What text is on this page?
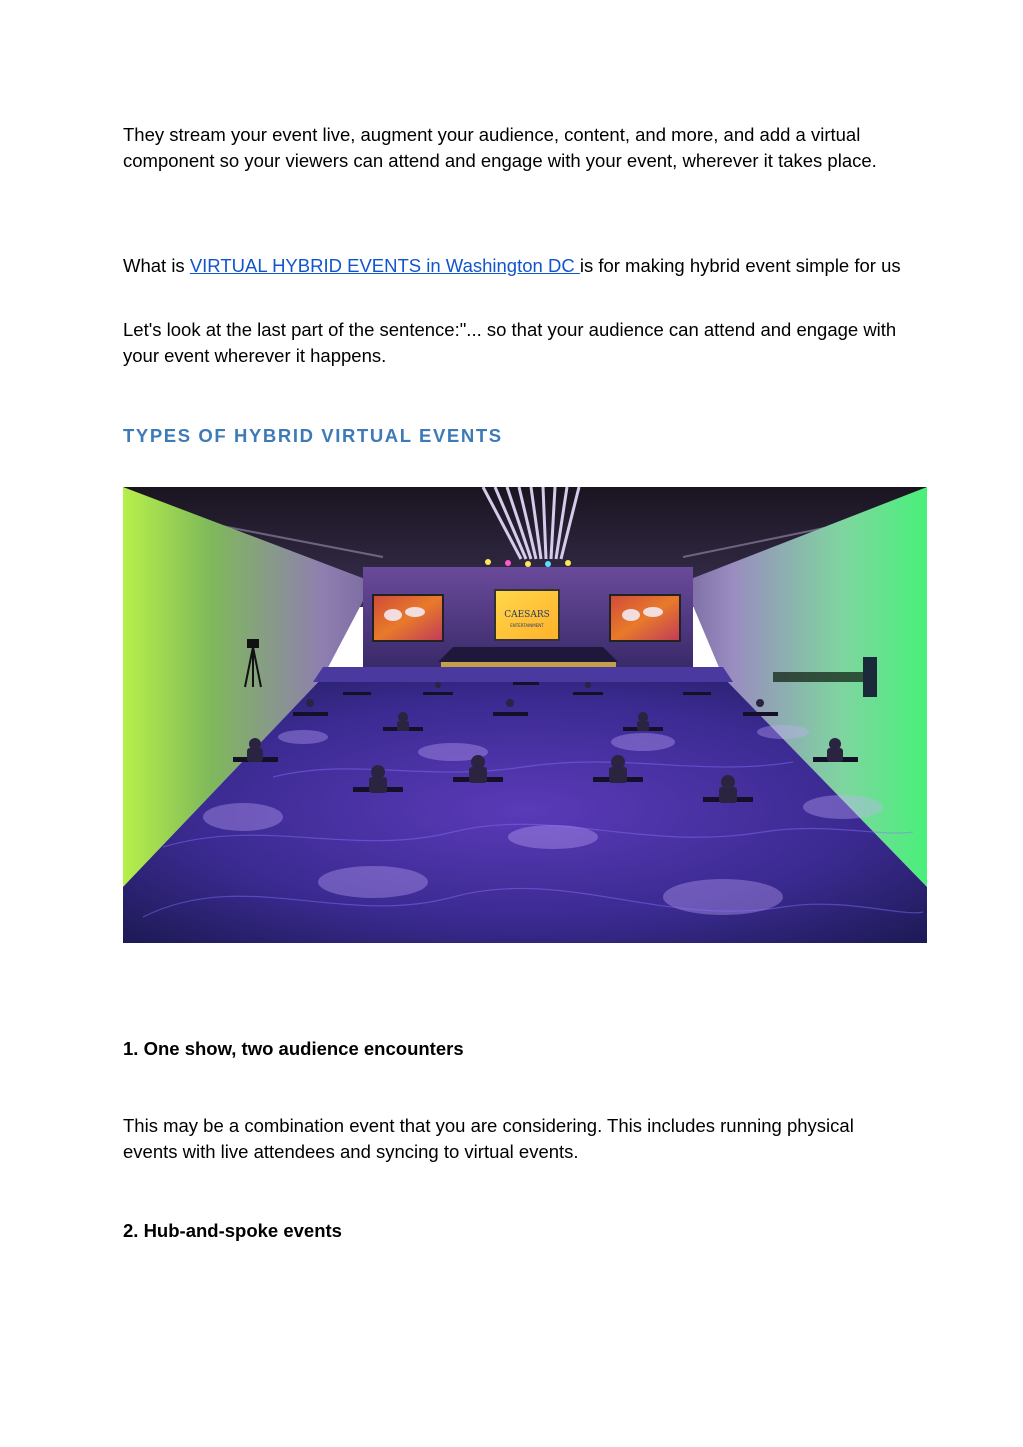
They stream your event live, augment your audience, content, and more, and add a virtual component so your viewers can attend and engage with your event, wherever it takes place.

What is VIRTUAL HYBRID EVENTS in Washington DC is for making hybrid event simple for us

Let's look at the last part of the sentence:"... so that your audience can attend and engage with your event wherever it happens.

TYPES OF HYBRID VIRTUAL EVENTS
CAESARS
ENTERTAINMENT
1. One show, two audience encounters

This may be a combination event that you are considering. This includes running physical events with live attendees and syncing to virtual events.

2. Hub-and-spoke events
